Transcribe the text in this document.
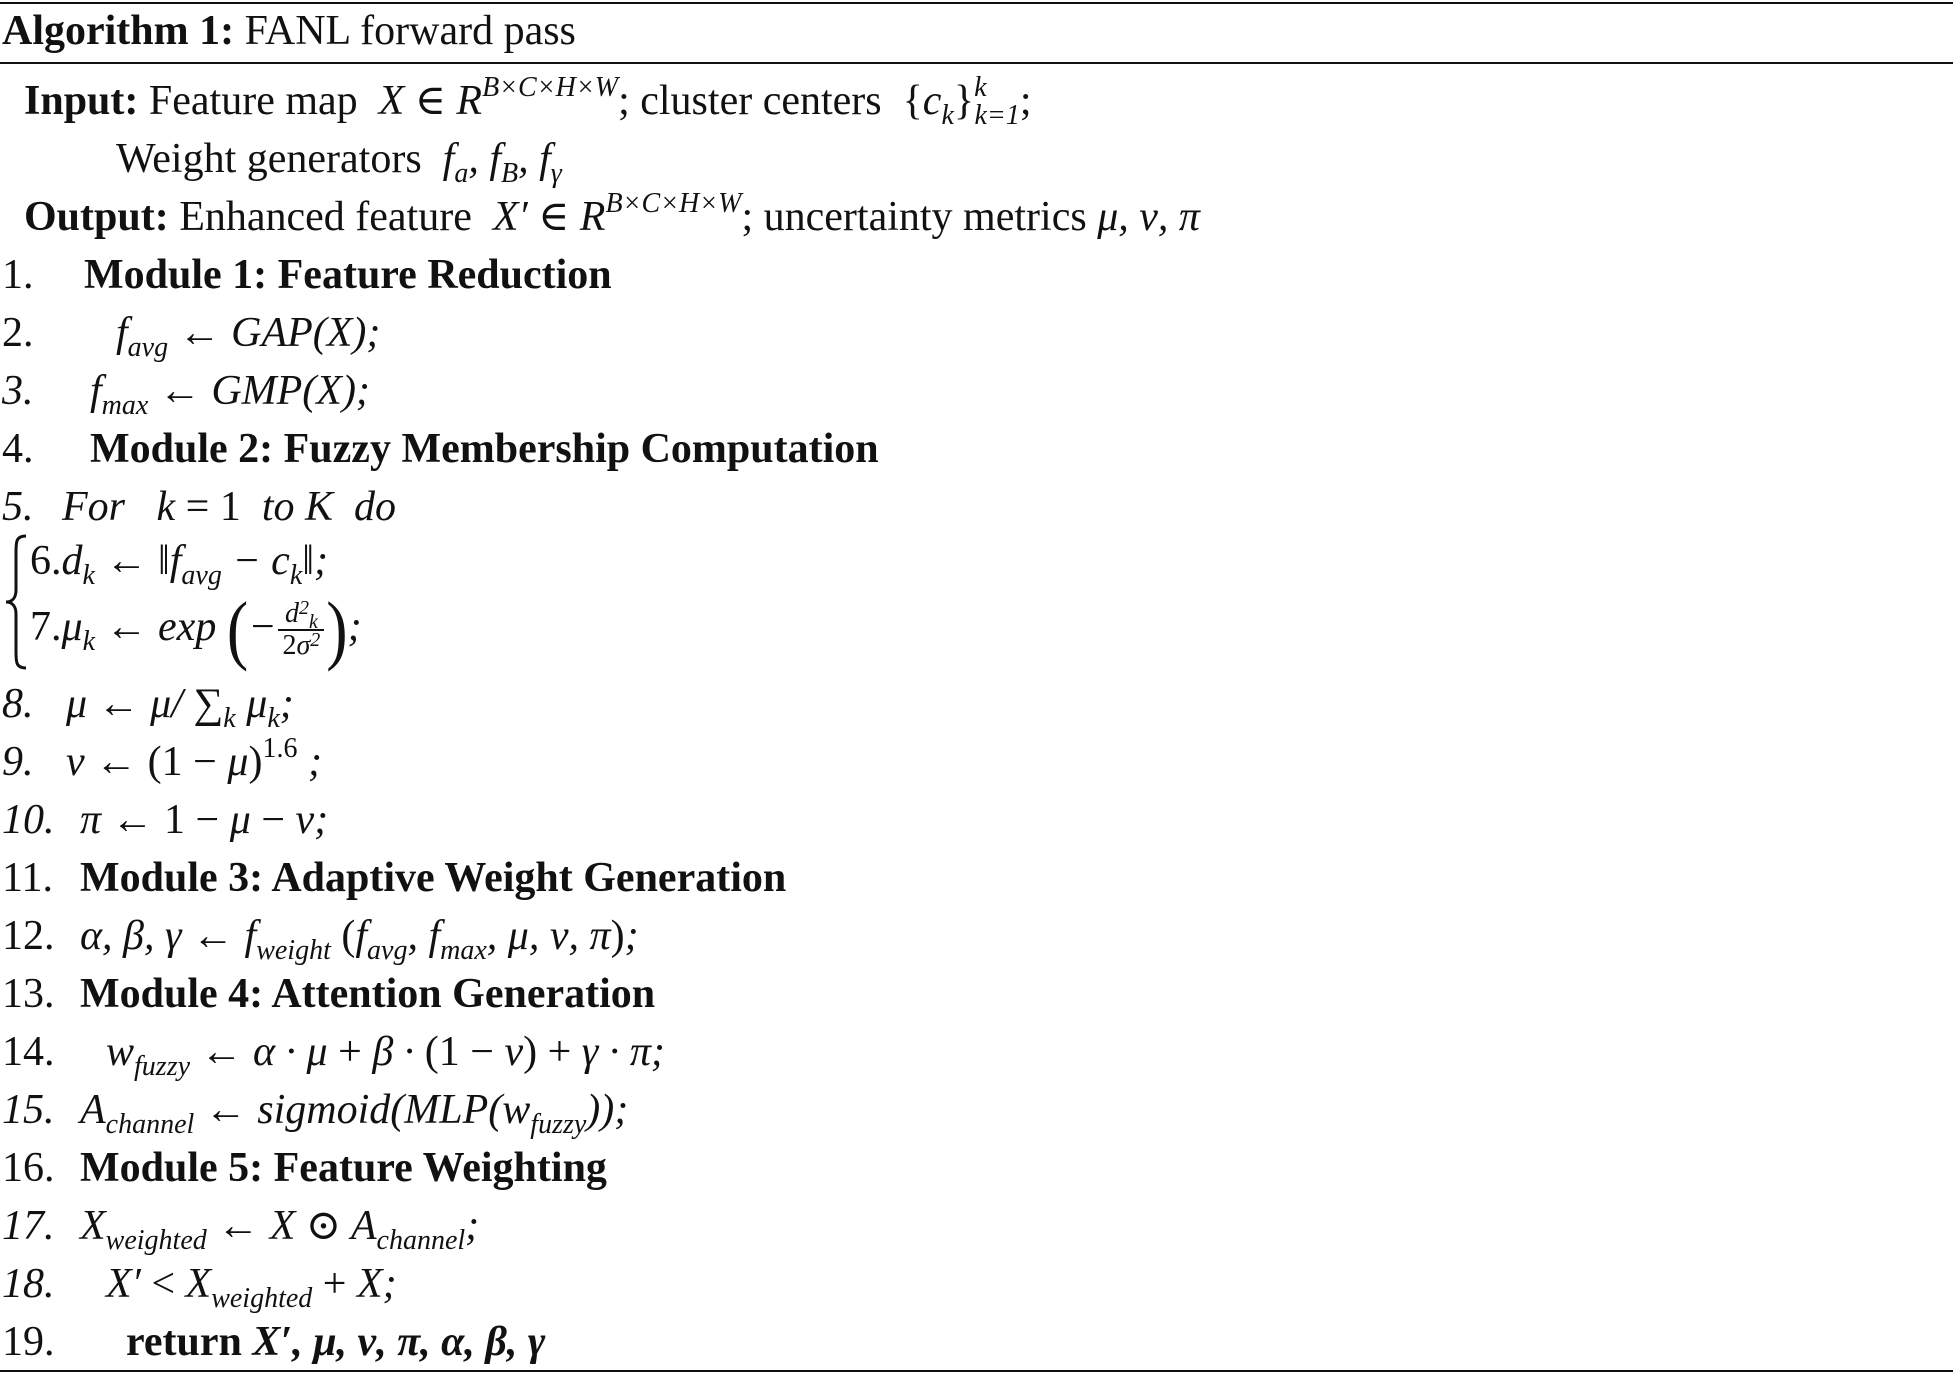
Algorithm 1: FANL forward pass
Input: Feature map X ∈ $R^{B\times C\times H\times W}$; cluster centers  $\{c_k\}^k_{k=1}$;
Weight generators $f_a$, $f_B$, $f_\gamma$
Output: Enhanced feature X′ ∈ $R^{B\times C\times H\times W}$; uncertainty metrics μ, ν, π
1. Module 1: Feature Reduction
2. $f_{avg}$ ← GAP(X);
3. $f_{max}$ ← GMP(X);
4. Module 2: Fuzzy Membership Computation
5. For   k = 1  to K  do
$6.d_k$ ← $‖f_{avg}$ − $c_k‖$;
$7.\mu_k$ ← exp (− $\frac{d^2_k}{2\sigma^2}$ );
8. μ ← μ/ $\sum_k$ $\mu_k$;
9. ν ← $(1 - \mu)^{1.6}$ ;
10. π ← 1 − μ − ν;
11. Module 3: Adaptive Weight Generation
12. α, β, γ ← $f_{weight}$ ($f_{avg}$, $f_{max}$, μ, ν, π);
13. Module 4: Attention Generation
14. $w_{fuzzy}$ ← α · μ + β · (1 − ν) + γ · π;
15. $A_{channel}$ ← $sigmoid(MLP(w_{fuzzy}))$;
16. Module 5: Feature Weighting
17. $X_{weighted}$ ← X ⊙ $A_{channel}$;
18. $X' < X_{weighted} + X$;
19. return X′, μ, ν, π, α, β, γ
